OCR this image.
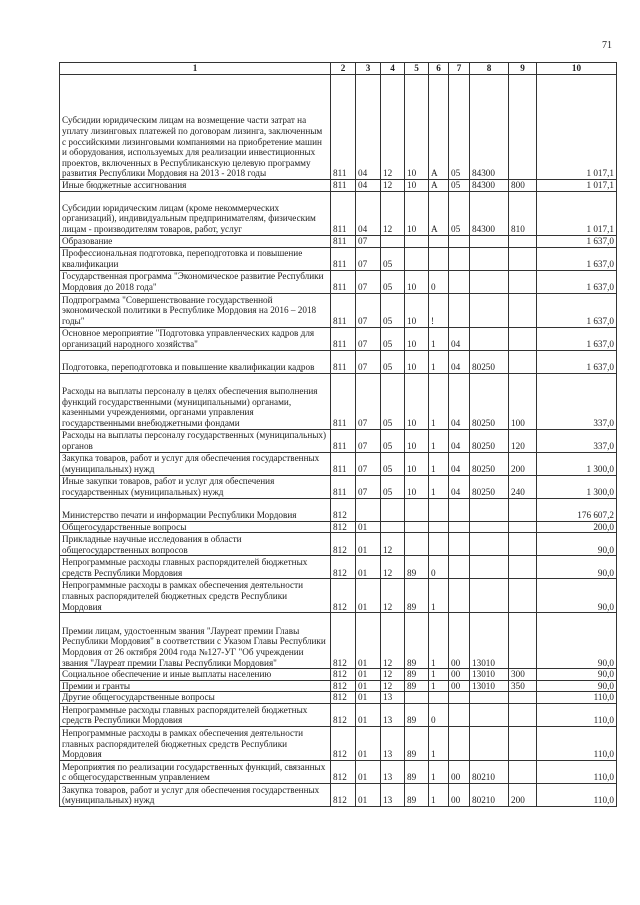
71
1	2	3	4	5	6	7	8	9	10
Субсидии юридическим лицам на возмещение части затрат на уплату лизинговых платежей по договорам лизинга, заключенным с российскими лизинговыми компаниями на приобретение машин и оборудования, используемых для реализации инвестиционных проектов, включенных в Республиканскую целевую программу развития Республики Мордовия на 2013 - 2018 годы	811	04	12	10	А	05	84300		1 017,1
Иные бюджетные ассигнования	811	04	12	10	А	05	84300	800	1 017,1
Субсидии юридическим лицам (кроме некоммерческих организаций), индивидуальным предпринимателям, физическим лицам - производителям товаров, работ, услуг	811	04	12	10	А	05	84300	810	1 017,1
Образование	811	07							1 637,0
Профессиональная подготовка, переподготовка и повышение квалификации	811	07	05						1 637,0
Государственная программа "Экономическое развитие Республики Мордовия до 2018 года"	811	07	05	10	0				1 637,0
Подпрограмма "Совершенствование государственной экономической политики в Республике Мордовия на 2016 – 2018 годы"	811	07	05	10	!				1 637,0
Основное мероприятие "Подготовка управленческих кадров для организаций народного хозяйства"	811	07	05	10	1	04			1 637,0
Подготовка, переподготовка и повышение квалификации кадров	811	07	05	10	1	04	80250		1 637,0
Расходы на выплаты персоналу в целях обеспечения выполнения функций государственными (муниципальными) органами, казенными учреждениями, органами управления государственными внебюджетными фондами	811	07	05	10	1	04	80250	100	337,0
Расходы на выплаты персоналу государственных (муниципальных) органов	811	07	05	10	1	04	80250	120	337,0
Закупка товаров, работ и услуг для обеспечения государственных (муниципальных) нужд	811	07	05	10	1	04	80250	200	1 300,0
Иные закупки товаров, работ и услуг для обеспечения государственных (муниципальных) нужд	811	07	05	10	1	04	80250	240	1 300,0
Министерство печати и информации Республики Мордовия	812								176 607,2
Общегосударственные вопросы	812	01							200,0
Прикладные научные исследования в области общегосударственных вопросов	812	01	12						90,0
Непрограммные расходы главных распорядителей бюджетных средств Республики Мордовия	812	01	12	89	0				90,0
Непрограммные расходы в рамках обеспечения деятельности главных распорядителей бюджетных средств Республики Мордовия	812	01	12	89	1				90,0
Премии лицам, удостоенным звания "Лауреат премии Главы Республики Мордовия" в соответствии с Указом Главы Республики Мордовия от 26 октября 2004 года №127-УГ "Об учреждении звания "Лауреат премии Главы Республики Мордовия"	812	01	12	89	1	00	13010		90,0
Социальное обеспечение и иные выплаты населению	812	01	12	89	1	00	13010	300	90,0
Премии и гранты	812	01	12	89	1	00	13010	350	90,0
Другие общегосударственные вопросы	812	01	13						110,0
Непрограммные расходы главных распорядителей бюджетных средств Республики Мордовия	812	01	13	89	0				110,0
Непрограммные расходы в рамках обеспечения деятельности главных распорядителей бюджетных средств Республики Мордовия	812	01	13	89	1				110,0
Мероприятия по реализации государственных функций, связанных с общегосударственным управлением	812	01	13	89	1	00	80210		110,0
Закупка товаров, работ и услуг для обеспечения государственных (муниципальных) нужд	812	01	13	89	1	00	80210	200	110,0
